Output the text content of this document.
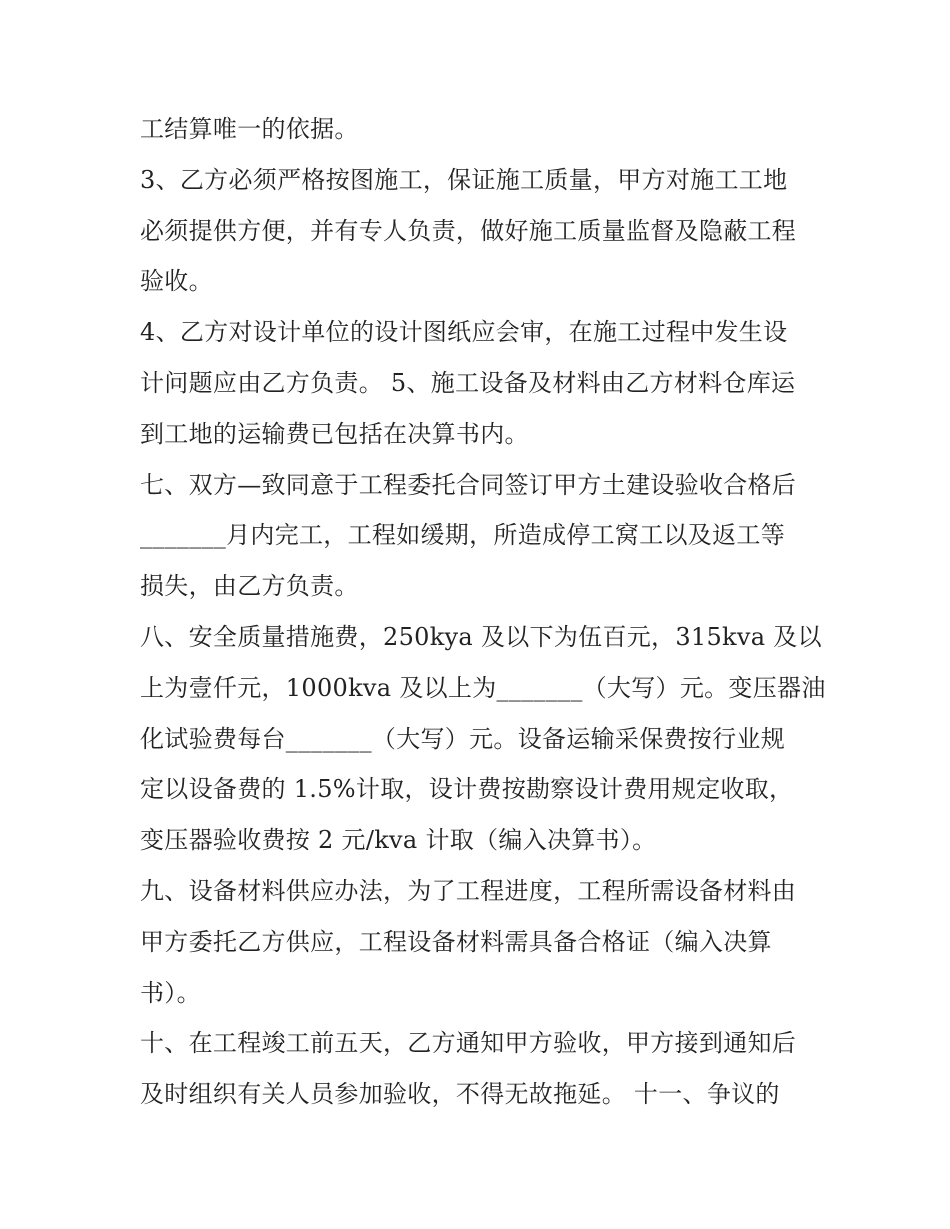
工结算唯一的依据。
3、乙方必须严格按图施工，保证施工质量，甲方对施工工地
必须提供方便，并有专人负责，做好施工质量监督及隐蔽工程
验收。
4、乙方对设计单位的设计图纸应会审，在施工过程中发生设
计问题应由乙方负责。 5、施工设备及材料由乙方材料仓库运
到工地的运输费已包括在决算书内。
七、双方—致同意于工程委托合同签订甲方土建设验收合格后
_______月内完工，工程如缓期，所造成停工窝工以及返工等
损失，由乙方负责。
八、安全质量措施费，250kya 及以下为伍百元，315kva 及以
上为壹仟元，1000kva 及以上为_______（大写）元。变压器油
化试验费每台_______（大写）元。设备运输采保费按行业规
定以设备费的 1.5%计取，设计费按勘察设计费用规定收取，
变压器验收费按 2 元/kva 计取（编入决算书）。
九、设备材料供应办法，为了工程进度，工程所需设备材料由
甲方委托乙方供应，工程设备材料需具备合格证（编入决算
书）。
十、在工程竣工前五天，乙方通知甲方验收，甲方接到通知后
及时组织有关人员参加验收，不得无故拖延。 十一、争议的
